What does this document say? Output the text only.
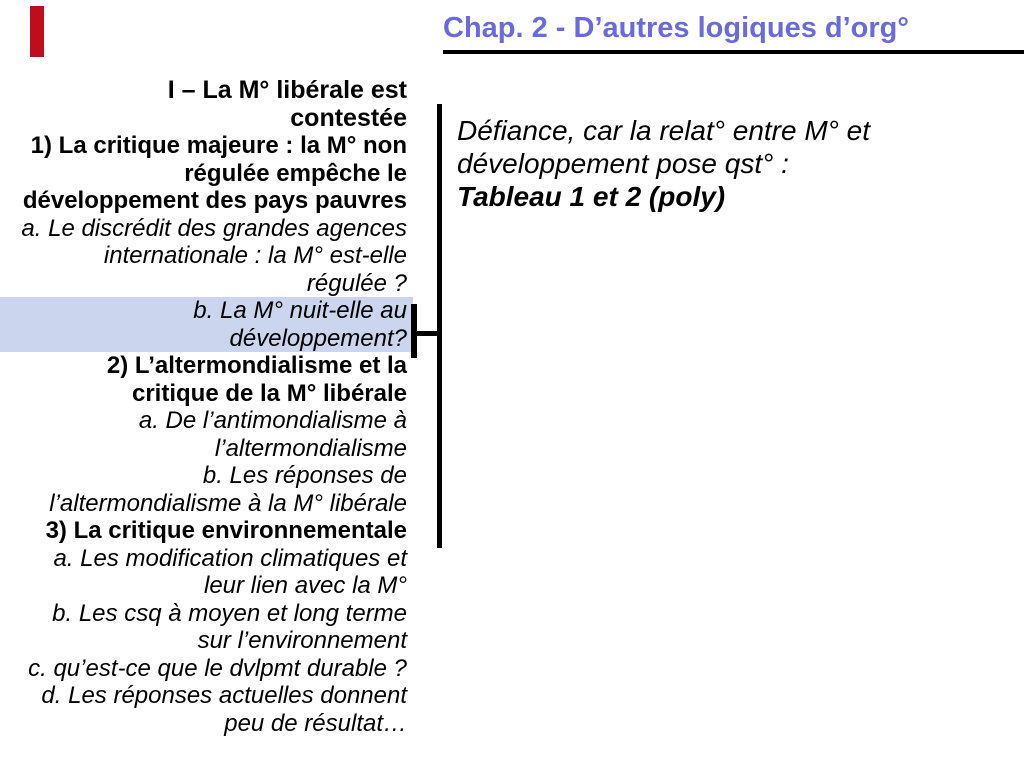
Chap. 2 - D’autres logiques d’org°
I – La M° libérale est
contestée
1) La critique majeure : la M° non
régulée empêche le
développement des pays pauvres
a. Le discrédit des grandes agences
internationale : la M° est-elle
régulée ?
b. La M° nuit-elle au
développement?
2) L’altermondialisme et la
critique de la M° libérale
a. De l’antimondialisme à
l’altermondialisme
b. Les réponses de
l’altermondialisme à la M° libérale
3) La critique environnementale
a. Les modification climatiques et
leur lien avec la M°
b. Les csq à moyen et long terme
sur l’environnement
c. qu’est-ce que le dvlpmt durable ?
d. Les réponses actuelles donnent
peu de résultat…
Défiance, car la relat° entre M° et
développement pose qst° :
Tableau 1 et 2 (poly)
